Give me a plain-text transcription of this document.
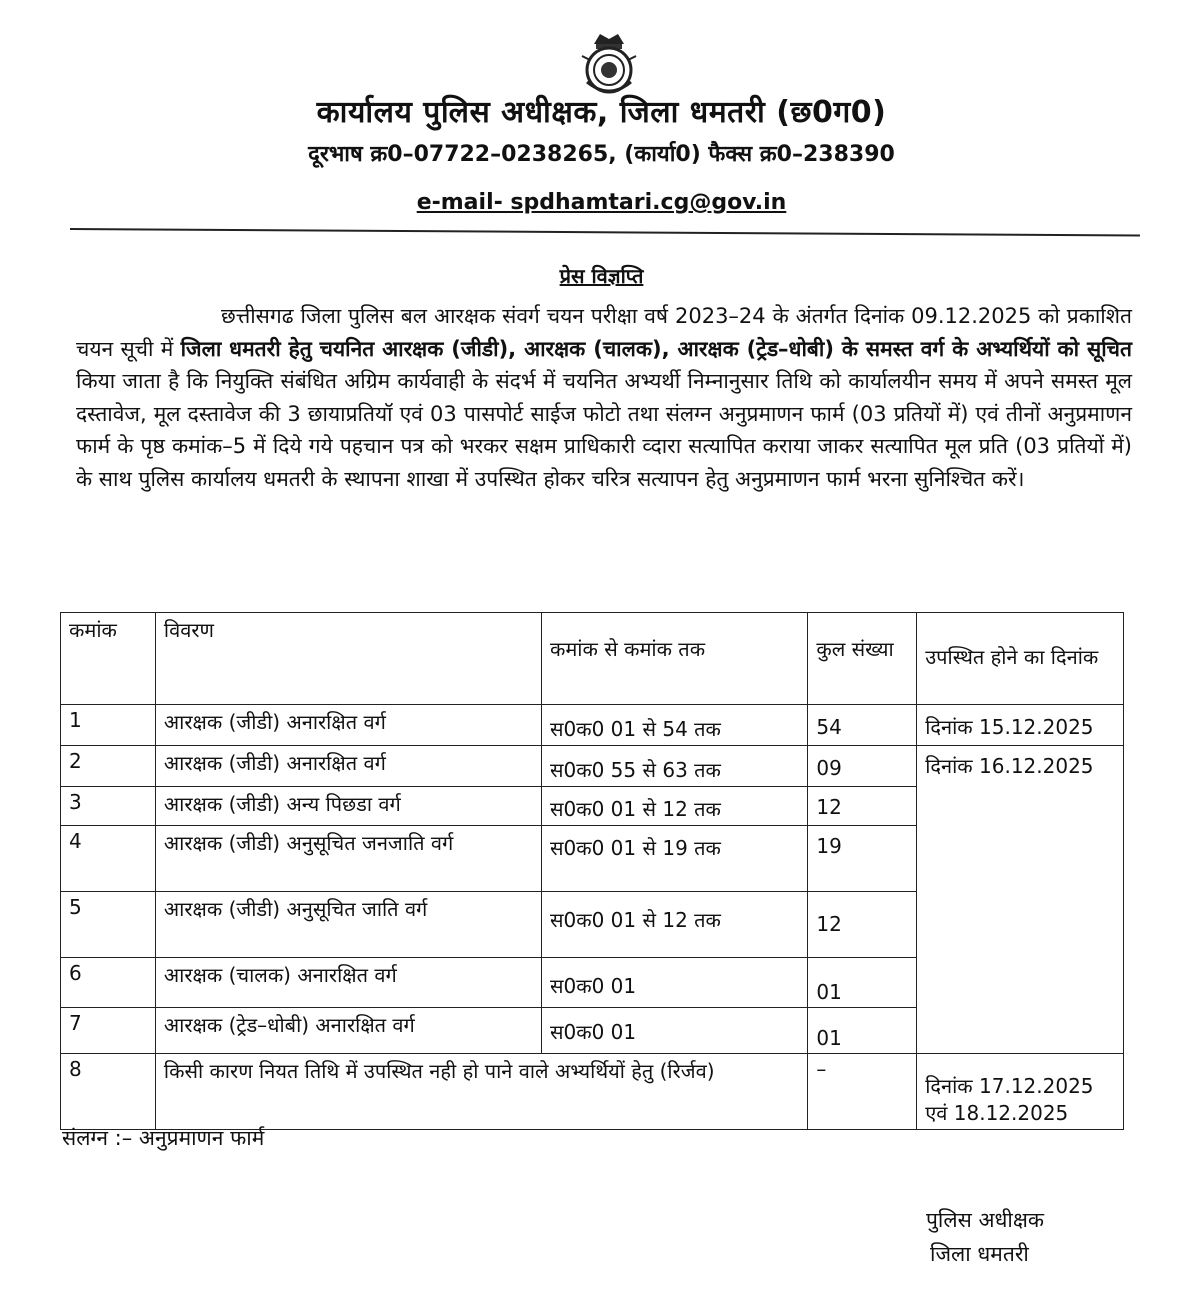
कार्यालय पुलिस अधीक्षक, जिला धमतरी (छ0ग0)
दूरभाष क्र0–07722–0238265, (कार्या0) फैक्स क्र0–238390
e-mail- spdhamtari.cg@gov.in
प्रेस विज्ञप्ति
छत्तीसगढ जिला पुलिस बल आरक्षक संवर्ग चयन परीक्षा वर्ष 2023–24 के अंतर्गत दिनांक 09.12.2025 को प्रकाशित चयन सूची में जिला धमतरी हेतु चयनित आरक्षक (जीडी), आरक्षक (चालक), आरक्षक (ट्रेड–धोबी) के समस्त वर्ग के अभ्यर्थियों को सूचित किया जाता है कि नियुक्ति संबंधित अग्रिम कार्यवाही के संदर्भ में चयनित अभ्यर्थी निम्नानुसार तिथि को कार्यालयीन समय में अपने समस्त मूल दस्तावेज, मूल दस्तावेज की 3 छायाप्रतियॉ एवं 03 पासपोर्ट साईज फोटो तथा संलग्न अनुप्रमाणन फार्म (03 प्रतियों में) एवं तीनों अनुप्रमाणन फार्म के पृष्ठ कमांक–5 में दिये गये पहचान पत्र को भरकर सक्षम प्राधिकारी व्दारा सत्यापित कराया जाकर सत्यापित मूल प्रति (03 प्रतियों में) के साथ पुलिस कार्यालय धमतरी के स्थापना शाखा में उपस्थित होकर चरित्र सत्यापन हेतु अनुप्रमाणन फार्म भरना सुनिश्चित करें।
कमांक	विवरण	कमांक से कमांक तक	कुल संख्या	उपस्थित होने का दिनांक
1	आरक्षक (जीडी) अनारक्षित वर्ग	स0क0 01 से 54 तक	54	दिनांक 15.12.2025
2	आरक्षक (जीडी) अनारक्षित वर्ग	स0क0 55 से 63 तक	09	दिनांक 16.12.2025
3	आरक्षक (जीडी) अन्य पिछडा वर्ग	स0क0 01 से 12 तक	12	
4	आरक्षक (जीडी) अनुसूचित जनजाति वर्ग	स0क0 01 से 19 तक	19	
5	आरक्षक (जीडी) अनुसूचित जाति वर्ग	स0क0 01 से 12 तक	12	
6	आरक्षक (चालक) अनारक्षित वर्ग	स0क0 01	01	
7	आरक्षक (ट्रेड–धोबी) अनारक्षित वर्ग	स0क0 01	01	
8	किसी कारण नियत तिथि में उपस्थित नही हो पाने वाले अभ्यर्थियों हेतु (रिर्जव)		–	दिनांक 17.12.2025
एवं 18.12.2025
संलग्न :– अनुप्रमाणन फार्म
पुलिस अधीक्षक
जिला धमतरी
